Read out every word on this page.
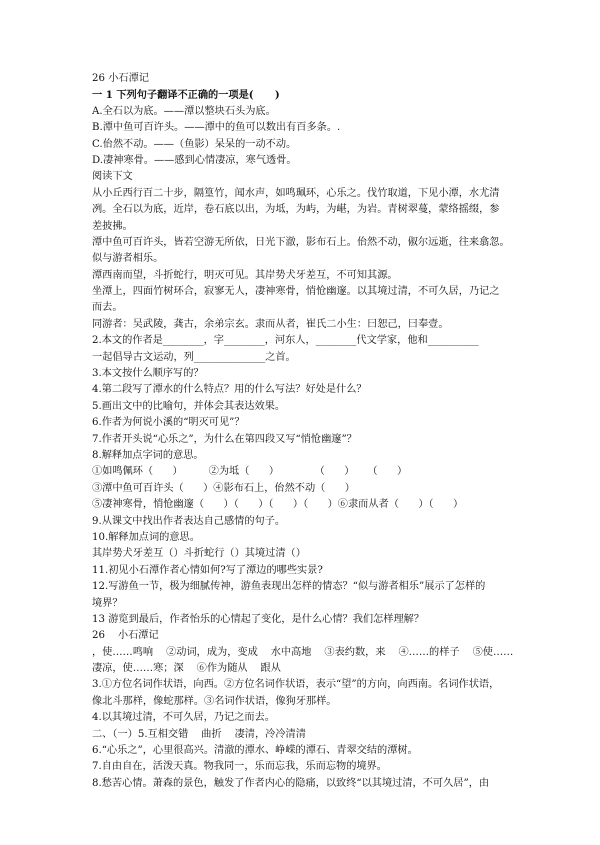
26 小石潭记
一 1 下列句子翻译不正确的一项是(      )
A.全石以为底。——潭以整块石头为底。
B.潭中鱼可百许头。——潭中的鱼可以数出有百多条。.
C.佁然不动。——（鱼影）呆呆的一动不动。
D.凄神寒骨。——感到心情凄凉，寒气透骨。
阅读下文
从小丘西行百二十步，隔篁竹，闻水声，如鸣珮环，心乐之。伐竹取道，下见小潭，水尤清
冽。全石以为底，近岸，卷石底以出，为坻，为屿，为嵁，为岩。青树翠蔓，蒙络摇缀，参
差披拂。
潭中鱼可百许头，皆若空游无所依，日光下澈，影布石上。佁然不动，俶尔远逝，往来翕忽。
似与游者相乐。
潭西南而望，斗折蛇行，明灭可见。其岸势犬牙差互，不可知其源。
坐潭上，四面竹树环合，寂寥无人，凄神寒骨，悄怆幽邃。以其境过清，不可久居，乃记之
而去。
同游者：吴武陵，龚古，余弟宗玄。隶而从者，崔氏二小生：曰恕己，曰奉壹。
2.本文的作者是________，字________，河东人，________代文学家，他和__________
一起倡导古文运动，列______________之首。
3.本文按什么顺序写的？
4.第二段写了潭水的什么特点？用的什么写法？好处是什么？
5.画出文中的比喻句，并体会其表达效果。
6.作者为何说小溪的“明灭可见”？
7.作者开头说“心乐之”，为什么在第四段又写“悄怆幽邃”？
8.解释加点字词的意思。
①如鸣佩环（      ）        ②为坻（      ）           （      ）    （      ）
③潭中鱼可百许头（      ）④影布石上，佁然不动（      ）
⑤凄神寒骨，悄怆幽邃（      ）（      ）（      ）（      ）⑥隶而从者（      ）（      ）
9.从课文中找出作者表达自己感情的句子。
10.解释加点词的意思。
其岸势犬牙差互（）斗折蛇行（）其境过清（）
11.初见小石潭作者心情如何?写了潭边的哪些实景?
12.写游鱼一节，极为细腻传神，游鱼表现出怎样的情态？“似与游者相乐”展示了怎样的
境界？
13 游览到最后，作者怡乐的心情起了变化，是什么心情？我们怎样理解？
26    小石潭记
，使……鸣响    ②动词，成为，变成    水中高地    ③表约数，来    ④……的样子    ⑤使……
凄凉，使……寒；深    ⑥作为随从    跟从
3.①方位名词作状语，向西。②方位名词作状语，表示“望”的方向，向西南。名词作状语，
像北斗那样，像蛇那样。③名词作状语，像狗牙那样。
4.以其境过清，不可久居，乃记之而去。
二、（一）5.互相交错    曲折    凄清，冷冷清清
6.“心乐之”，心里很高兴。清澈的潭水、峥嵘的潭石、青翠交结的潭树。
7.自由自在，活泼天真。物我同一，乐而忘我，乐而忘物的境界。
8.愁苦心情。萧森的景色，触发了作者内心的隐痛，以致终“以其境过清，不可久居”，由
